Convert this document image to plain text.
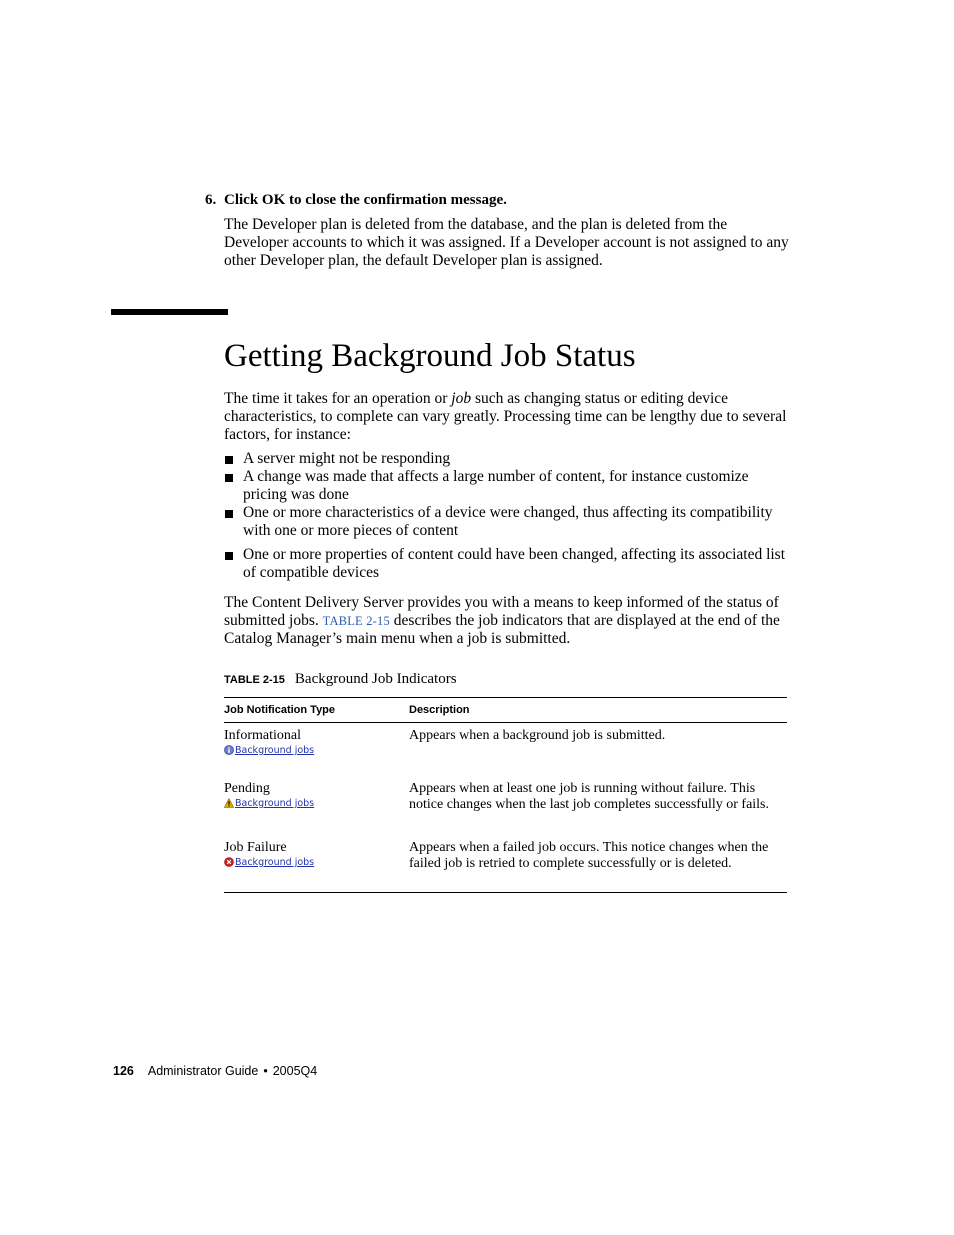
6. Click OK to close the confirmation message.
The Developer plan is deleted from the database, and the plan is deleted from the Developer accounts to which it was assigned. If a Developer account is not assigned to any other Developer plan, the default Developer plan is assigned.
Getting Background Job Status
The time it takes for an operation or job such as changing status or editing device characteristics, to complete can vary greatly. Processing time can be lengthy due to several factors, for instance:
A server might not be responding
A change was made that affects a large number of content, for instance customize pricing was done
One or more characteristics of a device were changed, thus affecting its compatibility with one or more pieces of content
One or more properties of content could have been changed, affecting its associated list of compatible devices
The Content Delivery Server provides you with a means to keep informed of the status of submitted jobs. TABLE 2-15 describes the job indicators that are displayed at the end of the Catalog Manager’s main menu when a job is submitted.
TABLE 2-15 Background Job Indicators
Job Notification Type	Description
Informational
Background jobs
Appears when a background job is submitted.
Pending
Background jobs
Appears when at least one job is running without failure. This notice changes when the last job completes successfully or fails.
Job Failure
Background jobs
Appears when a failed job occurs. This notice changes when the failed job is retried to complete successfully or is deleted.
126 Administrator Guide • 2005Q4
